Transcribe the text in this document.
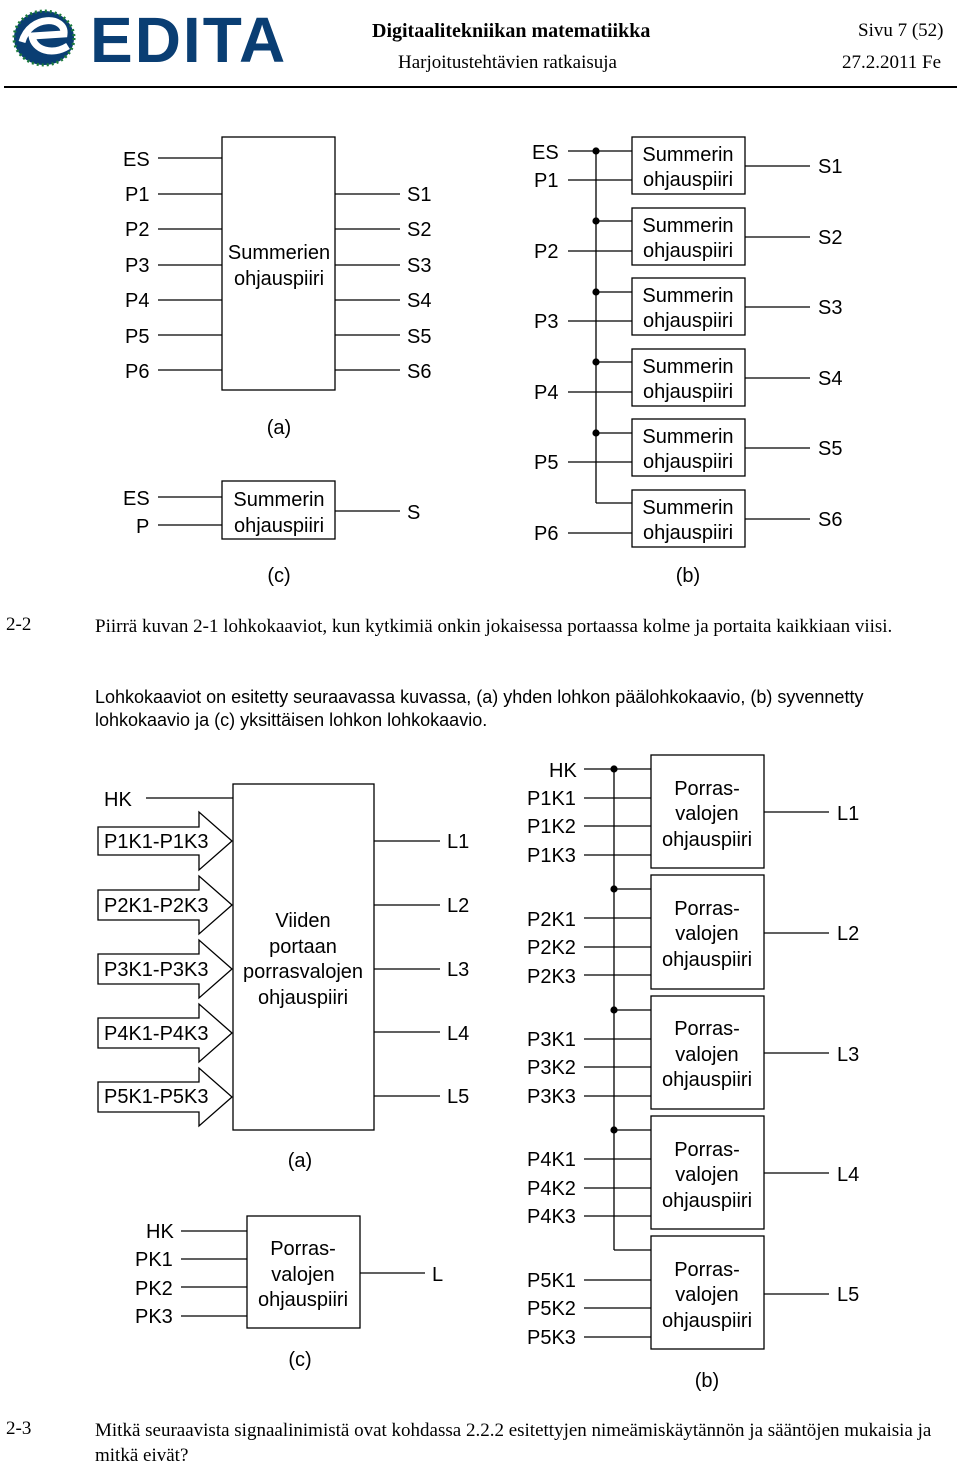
EDITA	Digitaalitekniikan matematiikka
Harjoitustehtävien ratkaisuja
Sivu 7 (52)
27.2.2011 Fe
Summerien
ohjauspiiri
ES
P1
P2
P3
P4
P5
P6
S1
S2
S3
S4
S5
S6
(a)
Summerin
ohjauspiiri
ES
P
S
(c)
ES
P1
Summerin
ohjauspiiri
S1
P2
Summerin
ohjauspiiri
S2
P3
Summerin
ohjauspiiri
S3
P4
Summerin
ohjauspiiri
S4
P5
Summerin
ohjauspiiri
S5
P6
Summerin
ohjauspiiri
S6
(b)
2-2	Piirrä kuvan 2-1 lohkokaaviot, kun kytkimiä onkin jokaisessa portaassa kolme ja portaita kaikkiaan viisi.
Lohkokaaviot on esitetty seuraavassa kuvassa, (a) yhden lohkon päälohkokaavio, (b) syvennetty lohkokaavio ja (c) yksittäisen lohkon lohkokaavio.
Viiden
portaan
porrasvalojen
ohjauspiiri
HK
P1K1-P1K3
P2K1-P2K3
P3K1-P3K3
P4K1-P4K3
P5K1-P5K3
L1
L2
L3
L4
L5
(a)
Porras-
valojen
ohjauspiiri
HK
PK1
PK2
PK3
L
(c)
HK
P1K1
P1K2
P1K3
Porras-
valojen
ohjauspiiri
L1
P2K1
P2K2
P2K3
Porras-
valojen
ohjauspiiri
L2
P3K1
P3K2
P3K3
Porras-
valojen
ohjauspiiri
L3
P4K1
P4K2
P4K3
Porras-
valojen
ohjauspiiri
L4
P5K1
P5K2
P5K3
Porras-
valojen
ohjauspiiri
L5
(b)
2-3	Mitkä seuraavista signaalinimistä ovat kohdassa 2.2.2 esitettyjen nimeämiskäytännön ja sääntöjen mukaisia ja mitkä eivät?
